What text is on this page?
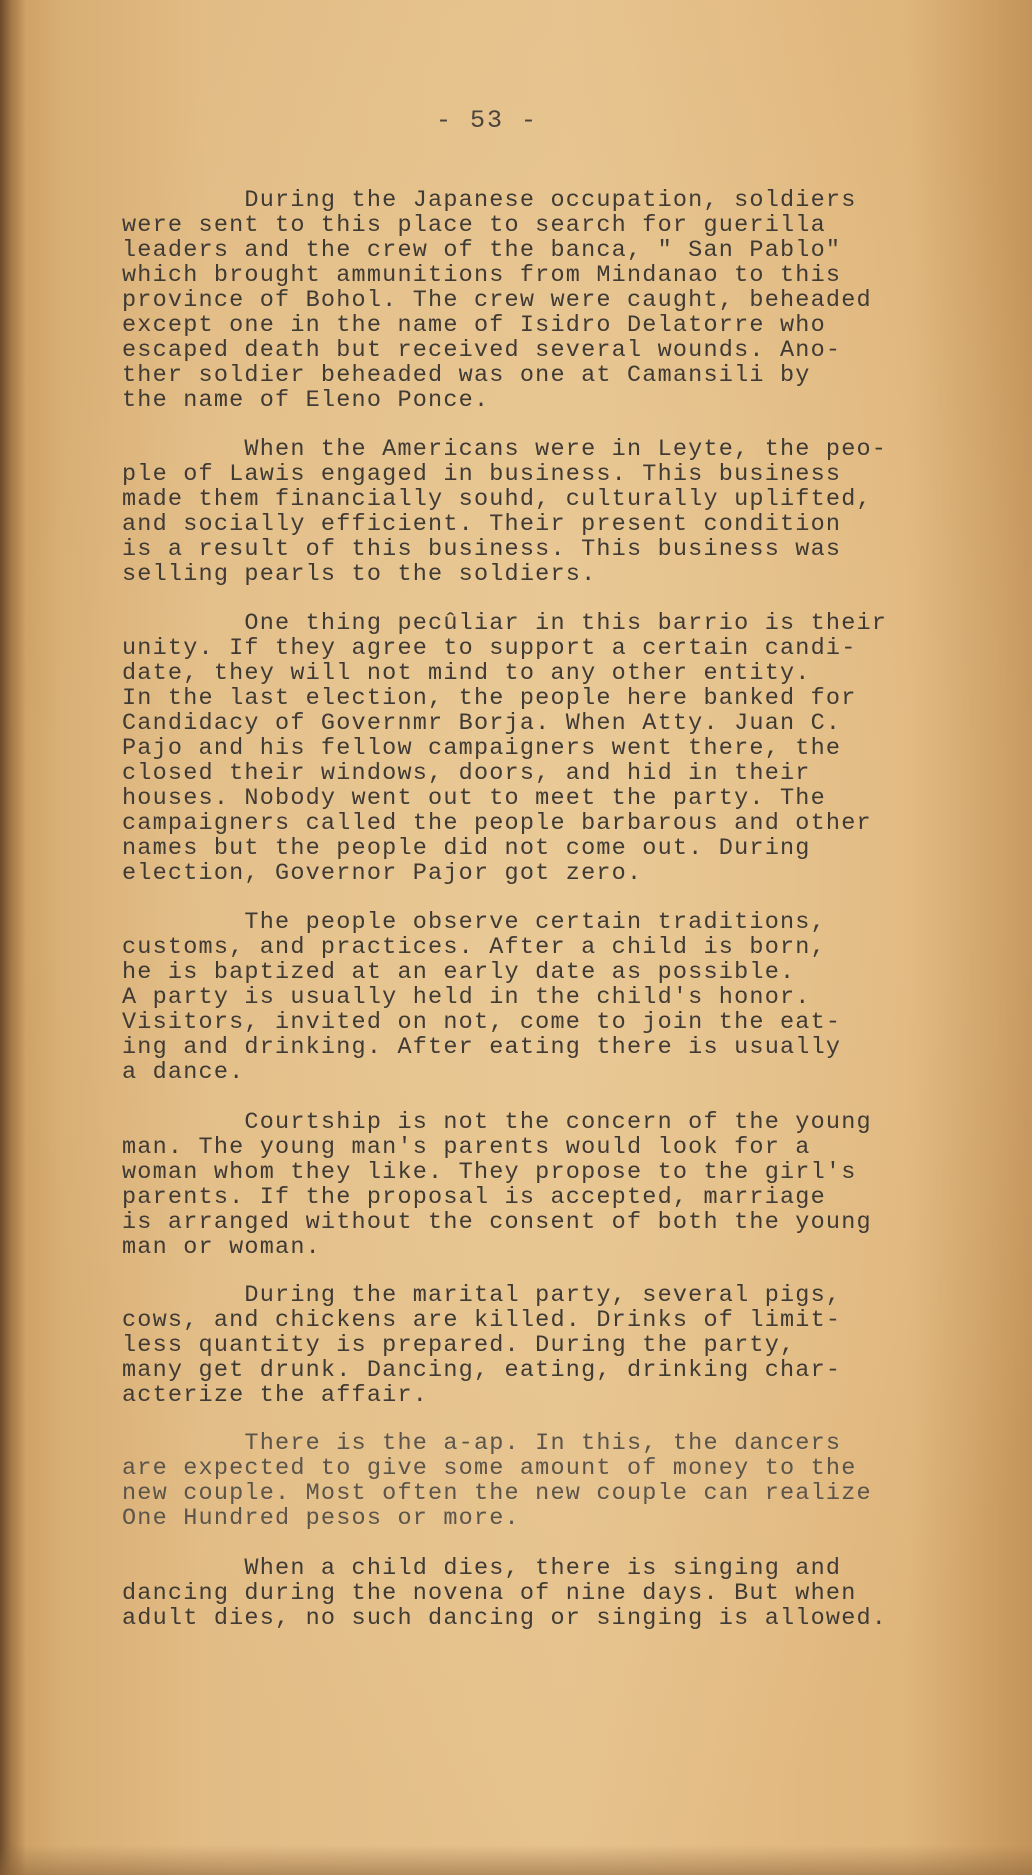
- 53 -

During the Japanese occupation, soldiers
were sent to this place to search for guerilla
leaders and the crew of the banca, " San Pablo"
which brought ammunitions from Mindanao to this
province of Bohol. The crew were caught, beheaded
except one in the name of Isidro Delatorre who
escaped death but received several wounds. Ano-
ther soldier beheaded was one at Camansili by
the name of Eleno Ponce.
When the Americans were in Leyte, the peo-
ple of Lawis engaged in business. This business
made them financially souhd, culturally uplifted,
and socially efficient. Their present condition
is a result of this business. This business was
selling pearls to the soldiers.
One thing pecûliar in this barrio is their
unity. If they agree to support a certain candi-
date, they will not mind to any other entity.
In the last election, the people here banked for
Candidacy of Governmr Borja. When Atty. Juan C.
Pajo and his fellow campaigners went there, the
closed their windows, doors, and hid in their
houses. Nobody went out to meet the party. The
campaigners called the people barbarous and other
names but the people did not come out. During
election, Governor Pajor got zero.
The people observe certain traditions,
customs, and practices. After a child is born,
he is baptized at an early date as possible.
A party is usually held in the child's honor.
Visitors, invited on not, come to join the eat-
ing and drinking. After eating there is usually
a dance.
Courtship is not the concern of the young
man. The young man's parents would look for a
woman whom they like. They propose to the girl's
parents. If the proposal is accepted, marriage
is arranged without the consent of both the young
man or woman.
During the marital party, several pigs,
cows, and chickens are killed. Drinks of limit-
less quantity is prepared. During the party,
many get drunk. Dancing, eating, drinking char-
acterize the affair.
There is the a-ap. In this, the dancers
are expected to give some amount of money to the
new couple. Most often the new couple can realize
One Hundred pesos or more.
When a child dies, there is singing and
dancing during the novena of nine days. But when
adult dies, no such dancing or singing is allowed.
